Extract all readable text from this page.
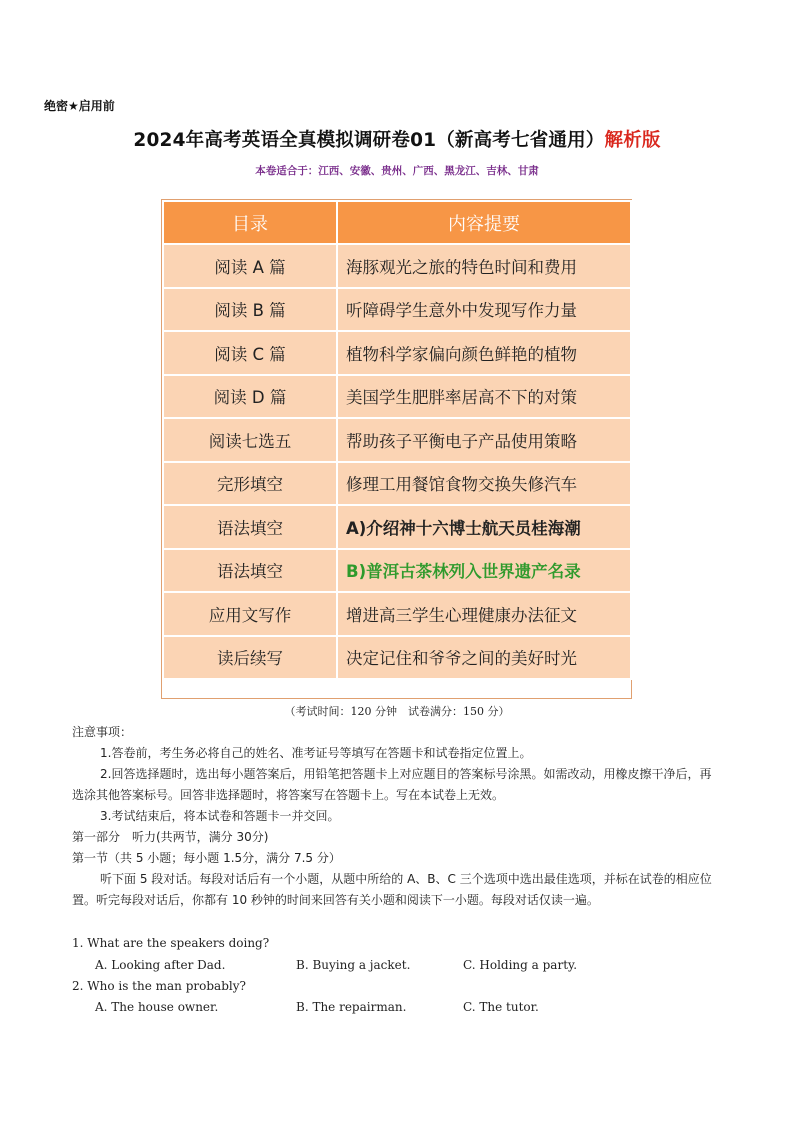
绝密★启用前
2024年高考英语全真模拟调研卷01（新高考七省通用）解析版
本卷适合于：江西、安徽、贵州、广西、黑龙江、吉林、甘肃
目录	内容提要
阅读 A 篇	海豚观光之旅的特色时间和费用
阅读 B 篇	听障碍学生意外中发现写作力量
阅读 C 篇	植物科学家偏向颜色鲜艳的植物
阅读 D 篇	美国学生肥胖率居高不下的对策
阅读七选五	帮助孩子平衡电子产品使用策略
完形填空	修理工用餐馆食物交换失修汽车
语法填空	A)介绍神十六博士航天员桂海潮
语法填空	B)普洱古茶林列入世界遗产名录
应用文写作	增进高三学生心理健康办法征文
读后续写	决定记住和爷爷之间的美好时光
（考试时间：120 分钟　试卷满分：150 分）
注意事项：
1.答卷前，考生务必将自己的姓名、准考证号等填写在答题卡和试卷指定位置上。
2.回答选择题时，选出每小题答案后，用铅笔把答题卡上对应题目的答案标号涂黑。如需改动，用橡皮擦干净后，再选涂其他答案标号。回答非选择题时，将答案写在答题卡上。写在本试卷上无效。
3.考试结束后，将本试卷和答题卡一并交回。
第一部分　听力(共两节，满分 30分)
第一节（共 5 小题；每小题 1.5分，满分 7.5 分）
听下面 5 段对话。每段对话后有一个小题，从题中所给的 A、B、C 三个选项中选出最佳选项，并标在试卷的相应位置。听完每段对话后，你都有 10 秒钟的时间来回答有关小题和阅读下一小题。每段对话仅读一遍。
1. What are the speakers doing?
A. Looking after Dad.	B. Buying a jacket.	C. Holding a party.
2. Who is the man probably?
A. The house owner.	B. The repairman.	C. The tutor.
